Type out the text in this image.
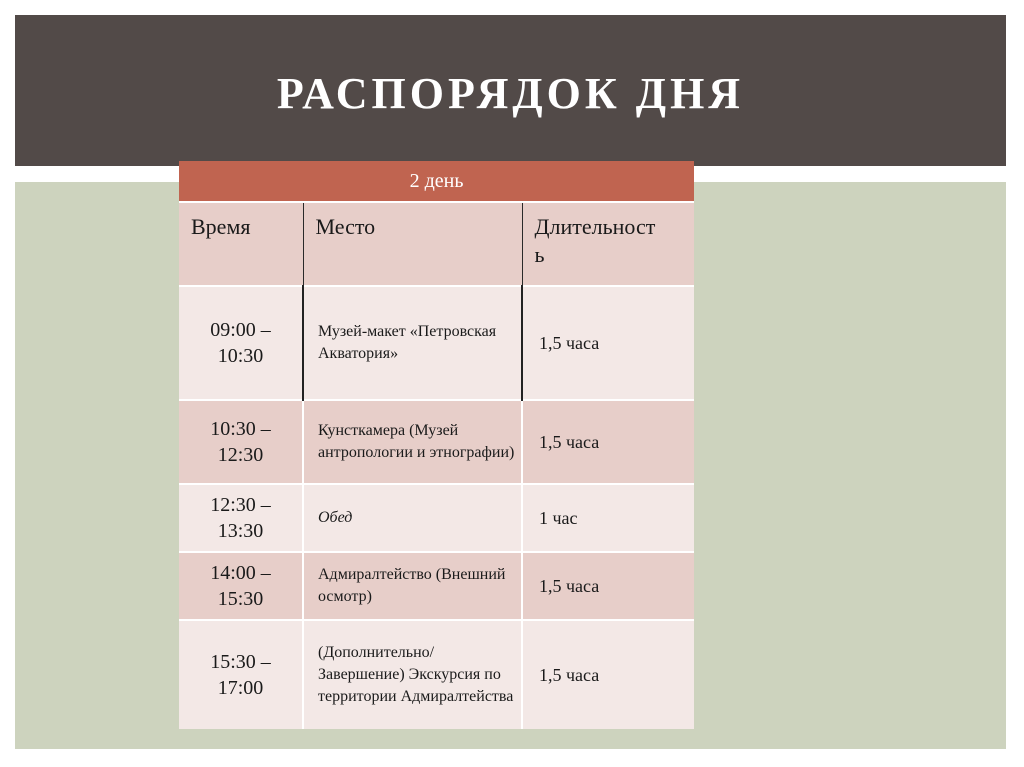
РАСПОРЯДОК ДНЯ
2 день		
Время	Место	Длительност
ь
09:00 –
10:30	Музей-макет «Петровская Акватория»	1,5 часа
10:30 –
12:30	Кунсткамера (Музей антропологии и этнографии)	1,5 часа
12:30 –
13:30	Обед	1 час
14:00 –
15:30	Адмиралтейство (Внешний осмотр)	1,5 часа
15:30 –
17:00	(Дополнительно/Завершение) Экскурсия по территории Адмиралтейства	1,5 часа
